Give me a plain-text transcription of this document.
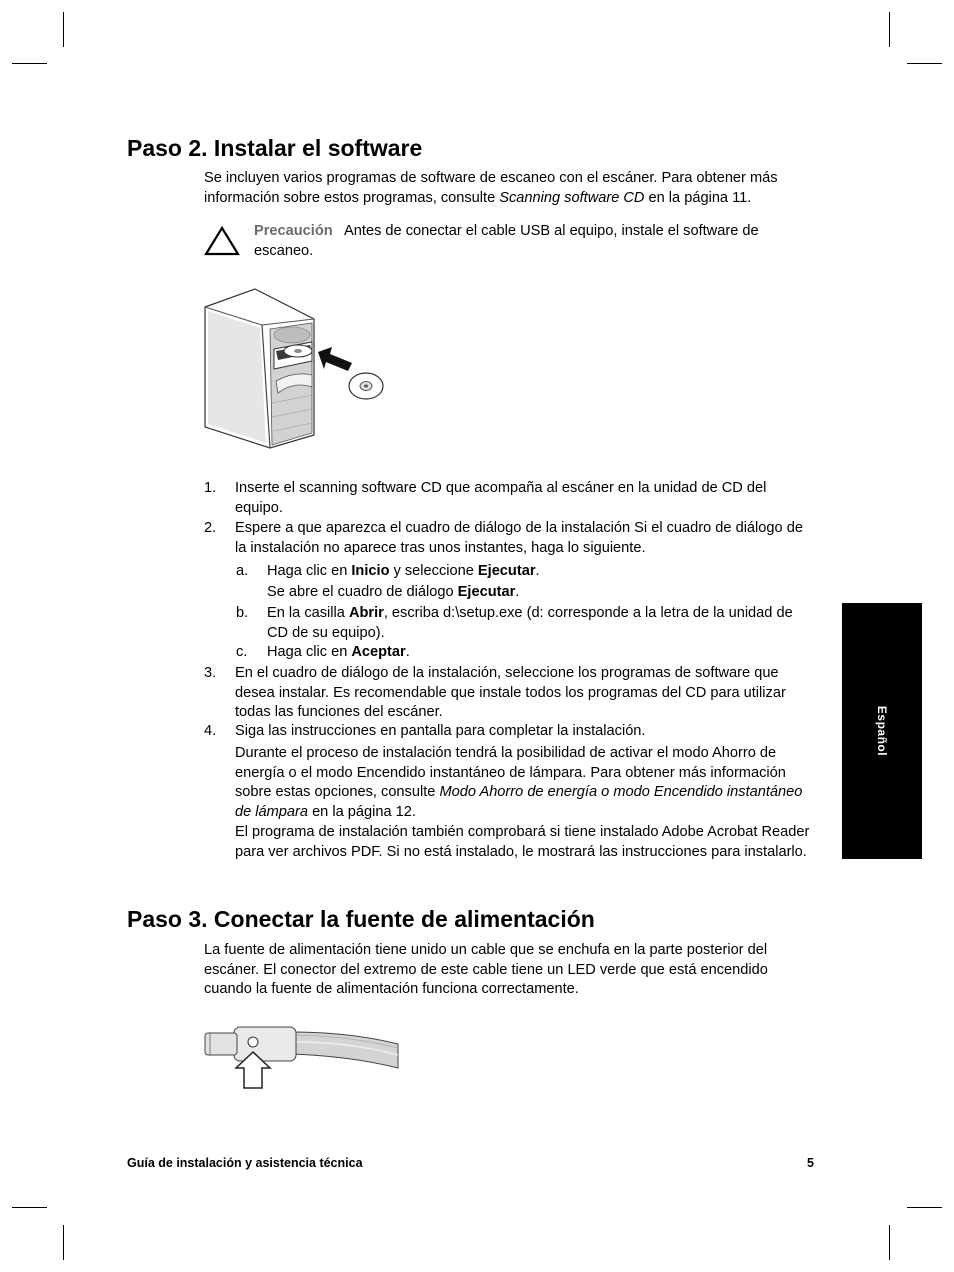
Paso 2. Instalar el software

Se incluyen varios programas de software de escaneo con el escáner. Para obtener más información sobre estos programas, consulte Scanning software CD en la página 11.

Precaución Antes de conectar el cable USB al equipo, instale el software de escaneo.

1. Inserte el scanning software CD que acompaña al escáner en la unidad de CD del equipo.
2. Espere a que aparezca el cuadro de diálogo de la instalación Si el cuadro de diálogo de la instalación no aparece tras unos instantes, haga lo siguiente.
a. Haga clic en Inicio y seleccione Ejecutar.
Se abre el cuadro de diálogo Ejecutar.
b. En la casilla Abrir, escriba d:\setup.exe (d: corresponde a la letra de la unidad de CD de su equipo).
c. Haga clic en Aceptar.
3. En el cuadro de diálogo de la instalación, seleccione los programas de software que desea instalar. Es recomendable que instale todos los programas del CD para utilizar todas las funciones del escáner.
4. Siga las instrucciones en pantalla para completar la instalación.
Durante el proceso de instalación tendrá la posibilidad de activar el modo Ahorro de energía o el modo Encendido instantáneo de lámpara. Para obtener más información sobre estas opciones, consulte Modo Ahorro de energía o modo Encendido instantáneo de lámpara en la página 12.
El programa de instalación también comprobará si tiene instalado Adobe Acrobat Reader para ver archivos PDF. Si no está instalado, le mostrará las instrucciones para instalarlo.
Paso 3. Conectar la fuente de alimentación

La fuente de alimentación tiene unido un cable que se enchufa en la parte posterior del escáner. El conector del extremo de este cable tiene un LED verde que está encendido cuando la fuente de alimentación funciona correctamente.

Español
Guía de instalación y asistencia técnica	5
